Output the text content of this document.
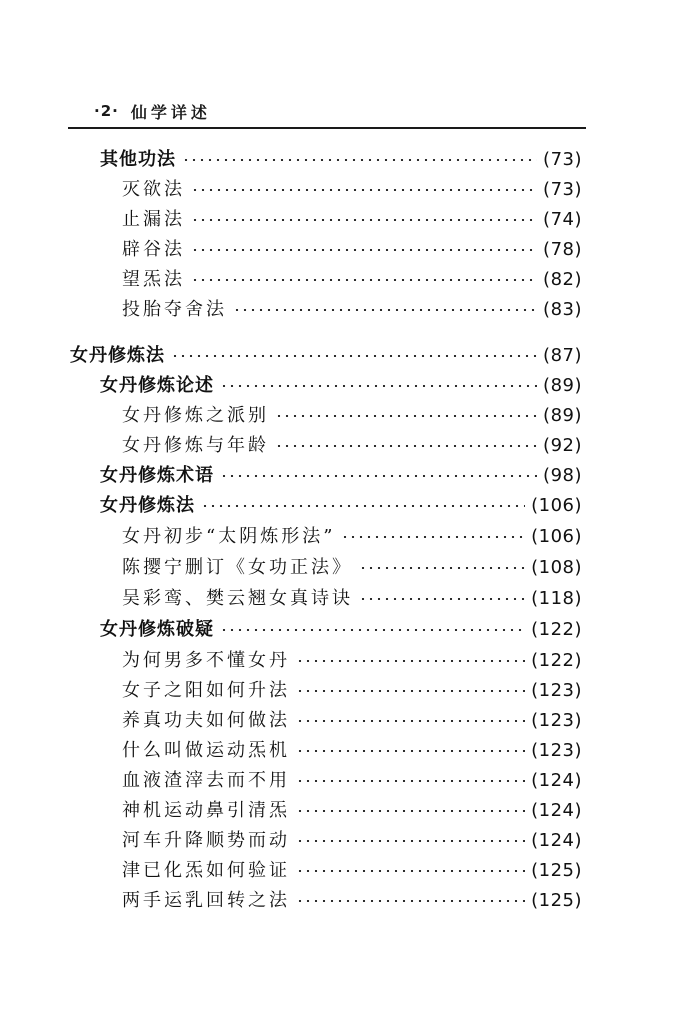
·2· 仙学详述
其他功法	(73)
灭欲法	(73)
止漏法	(74)
辟谷法	(78)
望炁法	(82)
投胎夺舍法	(83)
女丹修炼法	(87)
女丹修炼论述	(89)
女丹修炼之派别	(89)
女丹修炼与年龄	(92)
女丹修炼术语	(98)
女丹修炼法	(106)
女丹初步“太阴炼形法”	(106)
陈撄宁删订《女功正法》	(108)
吴彩鸾、樊云翘女真诗诀	(118)
女丹修炼破疑	(122)
为何男多不懂女丹	(122)
女子之阳如何升法	(123)
养真功夫如何做法	(123)
什么叫做运动炁机	(123)
血液渣滓去而不用	(124)
神机运动鼻引清炁	(124)
河车升降顺势而动	(124)
津已化炁如何验证	(125)
两手运乳回转之法	(125)
